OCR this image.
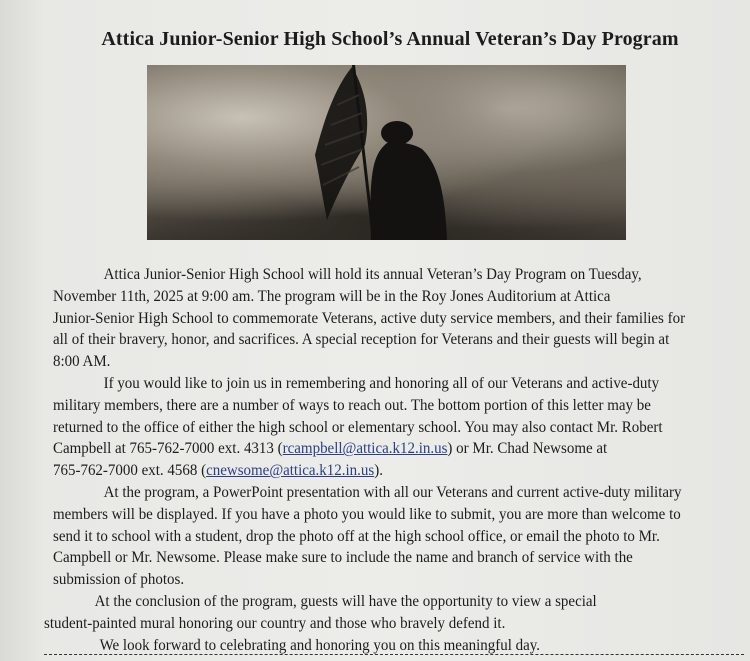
Attica Junior-Senior High School’s Annual Veteran’s Day Program
Attica Junior-Senior High School will hold its annual Veteran’s Day Program on Tuesday,
November 11th, 2025 at 9:00 am. The program will be in the Roy Jones Auditorium at Attica
Junior-Senior High School to commemorate Veterans, active duty service members, and their families for
all of their bravery, honor, and sacrifices. A special reception for Veterans and their guests will begin at
8:00 AM.
If you would like to join us in remembering and honoring all of our Veterans and active-duty
military members, there are a number of ways to reach out. The bottom portion of this letter may be
returned to the office of either the high school or elementary school. You may also contact Mr. Robert
Campbell at 765-762-7000 ext. 4313 (rcampbell@attica.k12.in.us) or Mr. Chad Newsome at
765-762-7000 ext. 4568 (cnewsome@attica.k12.in.us).
At the program, a PowerPoint presentation with all our Veterans and current active-duty military
members will be displayed. If you have a photo you would like to submit, you are more than welcome to
send it to school with a student, drop the photo off at the high school office, or email the photo to Mr.
Campbell or Mr. Newsome. Please make sure to include the name and branch of service with the
submission of photos.
At the conclusion of the program, guests will have the opportunity to view a special
student-painted mural honoring our country and those who bravely defend it.
We look forward to celebrating and honoring you on this meaningful day.
